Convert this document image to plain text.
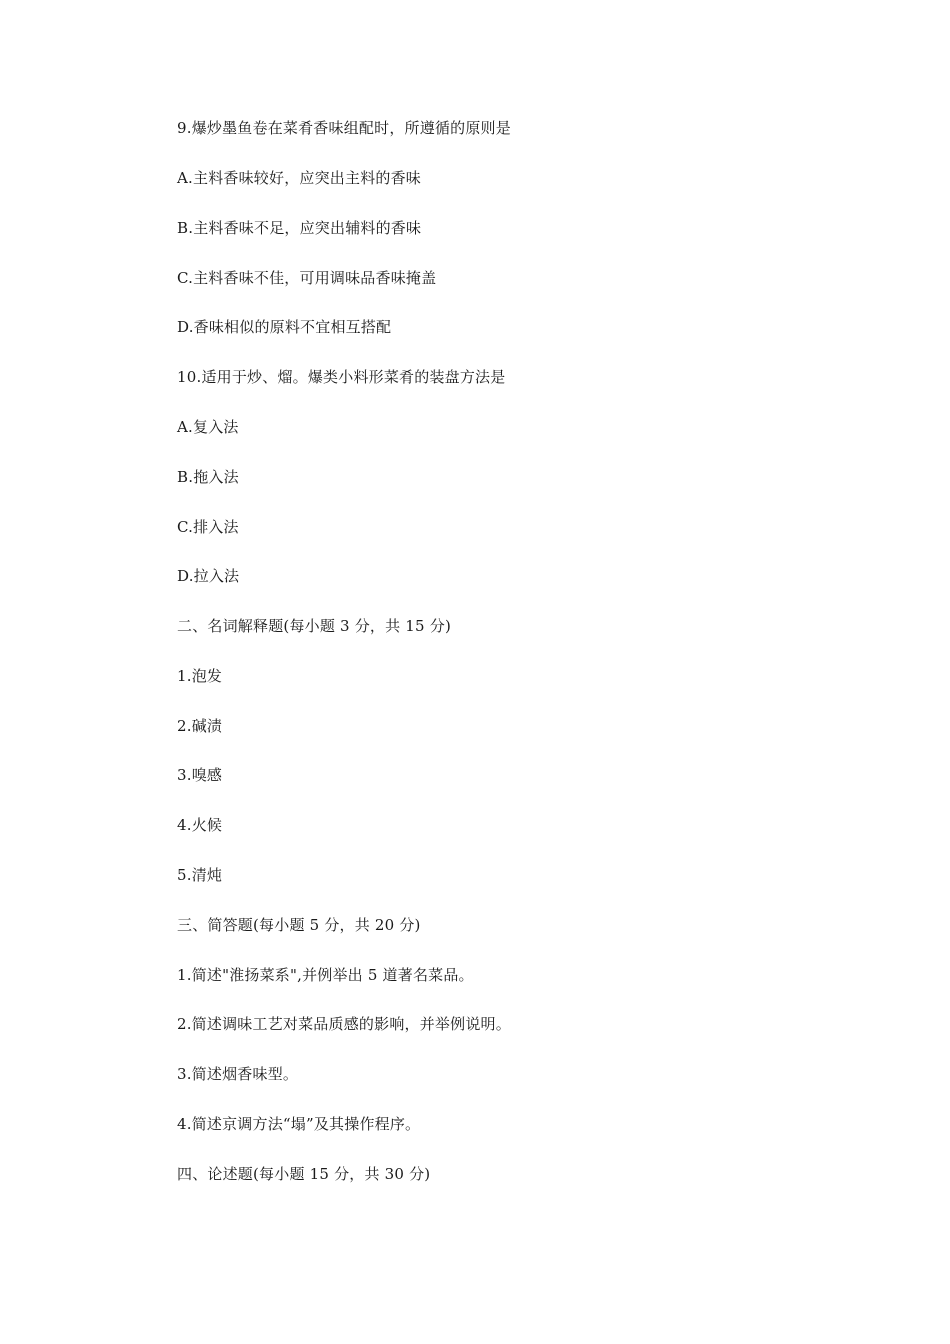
9.爆炒墨鱼卷在菜肴香味组配时，所遵循的原则是
A.主料香味较好，应突出主料的香味
B.主料香味不足，应突出辅料的香味
C.主料香味不佳，可用调味品香味掩盖
D.香味相似的原料不宜相互搭配
10.适用于炒、熘。爆类小料形菜肴的装盘方法是
A.复入法
B.拖入法
C.排入法
D.拉入法
二、名词解释题(每小题 3 分，共 15 分)
1.泡发
2.碱渍
3.嗅感
4.火候
5.清炖
三、简答题(每小题 5 分，共 20 分)
1.简述"淮扬菜系",并例举出 5 道著名菜品。
2.简述调味工艺对菜品质感的影响，并举例说明。
3.简述烟香味型。
4.简述京调方法“塌”及其操作程序。
四、论述题(每小题 15 分，共 30 分)
